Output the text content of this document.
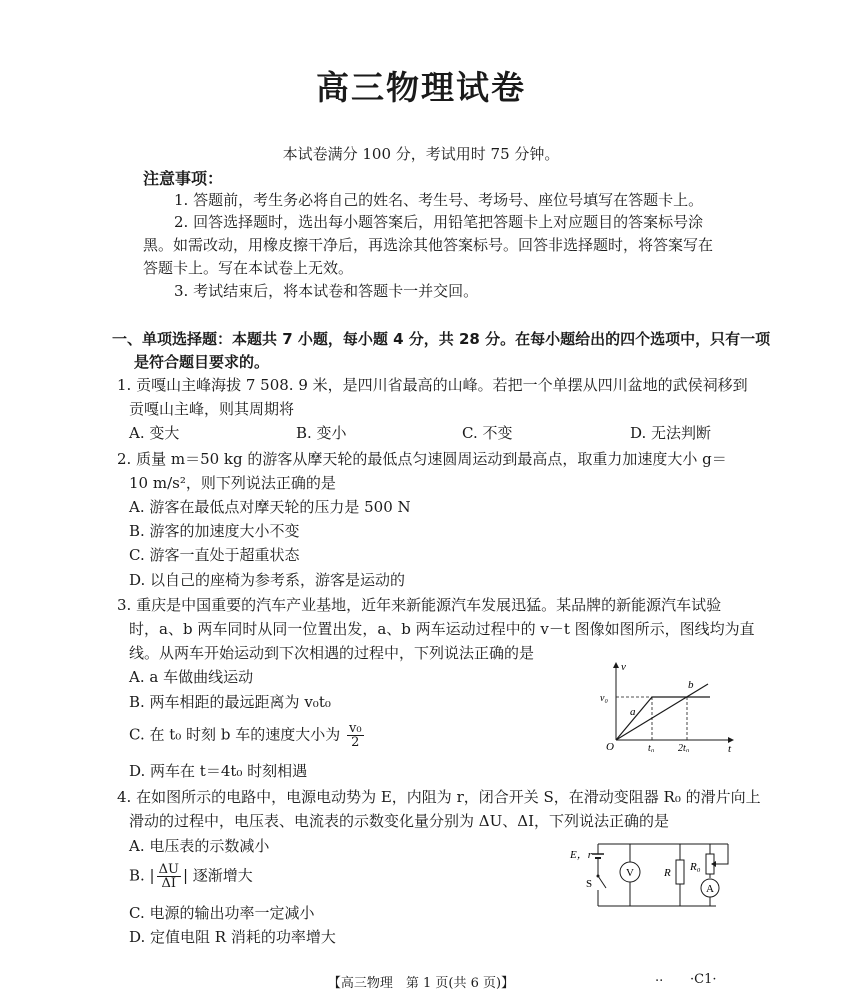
高三物理试卷
本试卷满分 100 分，考试用时 75 分钟。
注意事项：
1. 答题前，考生务必将自己的姓名、考生号、考场号、座位号填写在答题卡上。
2. 回答选择题时，选出每小题答案后，用铅笔把答题卡上对应题目的答案标号涂
黑。如需改动，用橡皮擦干净后，再选涂其他答案标号。回答非选择题时，将答案写在
答题卡上。写在本试卷上无效。
3. 考试结束后，将本试卷和答题卡一并交回。
一、单项选择题：本题共 7 小题，每小题 4 分，共 28 分。在每小题给出的四个选项中，只有一项
是符合题目要求的。
1. 贡嘎山主峰海拔 7 508. 9 米，是四川省最高的山峰。若把一个单摆从四川盆地的武侯祠移到
贡嘎山主峰，则其周期将
A. 变大	B. 变小	C. 不变	D. 无法判断
2. 质量 m＝50 kg 的游客从摩天轮的最低点匀速圆周运动到最高点，取重力加速度大小 g＝
10 m/s²，则下列说法正确的是
A. 游客在最低点对摩天轮的压力是 500 N
B. 游客的加速度大小不变
C. 游客一直处于超重状态
D. 以自己的座椅为参考系，游客是运动的
3. 重庆是中国重要的汽车产业基地，近年来新能源汽车发展迅猛。某品牌的新能源汽车试验
时，a、b 两车同时从同一位置出发，a、b 两车运动过程中的 v－t 图像如图所示，图线均为直
线。从两车开始运动到下次相遇的过程中，下列说法正确的是
A. a 车做曲线运动
B. 两车相距的最远距离为 v₀t₀
C. 在 t₀ 时刻 b 车的速度大小为 $\frac{\text{v₀}}{2}$
D. 两车在 t＝4t₀ 时刻相遇
v
t
O
v₀
t₀ 2t₀
a
b
4. 在如图所示的电路中，电源电动势为 E，内阻为 r，闭合开关 S，在滑动变阻器 R₀ 的滑片向上
滑动的过程中，电压表、电流表的示数变化量分别为 ΔU、ΔI，下列说法正确的是
A. 电压表的示数减小
B. | $\frac{\Delta U}{\Delta I}$ | 逐渐增大
C. 电源的输出功率一定减小
D. 定值电阻 R 消耗的功率增大
E，r
S
V
A
R R₀
【高三物理　第 1 页(共 6 页)】	.. ·C1·
